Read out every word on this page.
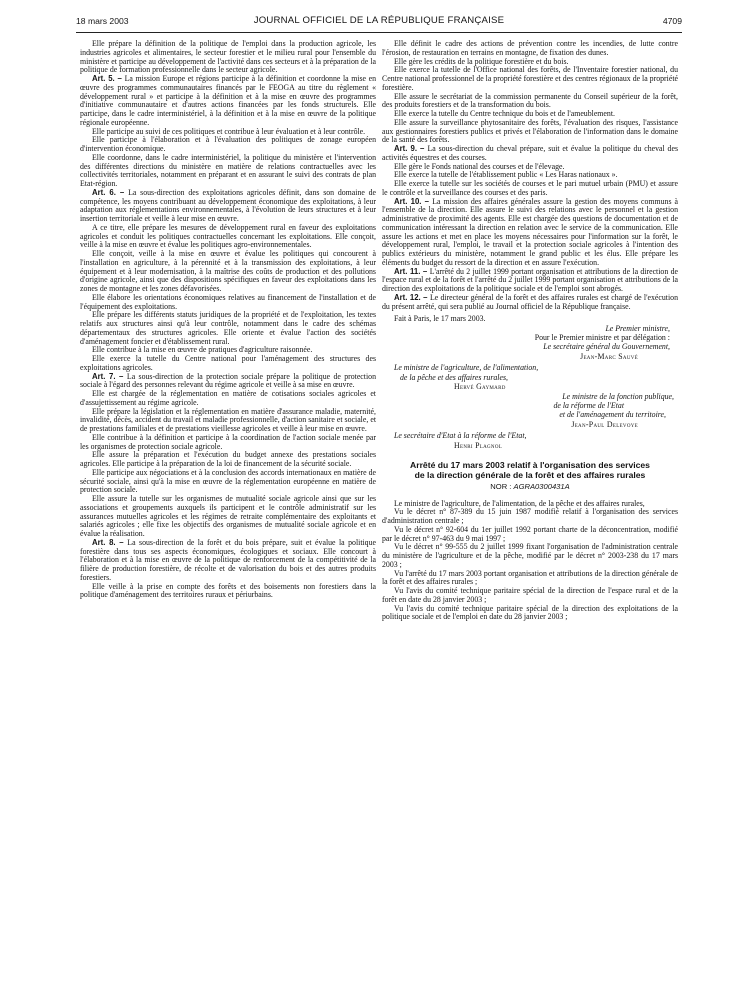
18 mars 2003	JOURNAL OFFICIEL DE LA RÉPUBLIQUE FRANÇAISE	4709

Elle prépare la définition de la politique de l'emploi dans la production agricole, les industries agricoles et alimentaires, le secteur forestier et le milieu rural pour l'ensemble du ministère et participe au développement de l'activité dans ces secteurs et à la préparation de la politique de formation professionnelle dans le secteur agricole.

Art. 5. – La mission Europe et régions participe à la définition et coordonne la mise en œuvre des programmes communautaires financés par le FEOGA au titre du règlement « développement rural » et participe à la définition et à la mise en œuvre des programmes d'initiative communautaire et d'autres actions financées par les fonds structurels. Elle participe, dans le cadre interministériel, à la définition et à la mise en œuvre de la politique régionale européenne.

Elle participe au suivi de ces politiques et contribue à leur évaluation et à leur contrôle.

Elle participe à l'élaboration et à l'évaluation des politiques de zonage européen d'intervention économique.

Elle coordonne, dans le cadre interministériel, la politique du ministère et l'intervention des différentes directions du ministère en matière de relations contractuelles avec les collectivités territoriales, notamment en préparant et en assurant le suivi des contrats de plan Etat-région.

Art. 6. – La sous-direction des exploitations agricoles définit, dans son domaine de compétence, les moyens contribuant au développement économique des exploitations, à leur adaptation aux réglementations environnementales, à l'évolution de leurs structures et à leur insertion territoriale et veille à leur mise en œuvre.

A ce titre, elle prépare les mesures de développement rural en faveur des exploitations agricoles et conduit les politiques contractuelles concernant les exploitations. Elle conçoit, veille à la mise en œuvre et évalue les politiques agro-environnementales.

Elle conçoit, veille à la mise en œuvre et évalue les politiques qui concourent à l'installation en agriculture, à la pérennité et à la transmission des exploitations, à leur équipement et à leur modernisation, à la maîtrise des coûts de production et des pollutions d'origine agricole, ainsi que des dispositions spécifiques en faveur des exploitations dans les zones de montagne et les zones défavorisées.

Elle élabore les orientations économiques relatives au financement de l'installation et de l'équipement des exploitations.

Elle prépare les différents statuts juridiques de la propriété et de l'exploitation, les textes relatifs aux structures ainsi qu'à leur contrôle, notamment dans le cadre des schémas départementaux des structures agricoles. Elle oriente et évalue l'action des sociétés d'aménagement foncier et d'établissement rural.

Elle contribue à la mise en œuvre de pratiques d'agriculture raisonnée.

Elle exerce la tutelle du Centre national pour l'aménagement des structures des exploitations agricoles.

Art. 7. – La sous-direction de la protection sociale prépare la politique de protection sociale à l'égard des personnes relevant du régime agricole et veille à sa mise en œuvre.

Elle est chargée de la réglementation en matière de cotisations sociales agricoles et d'assujettissement au régime agricole.

Elle prépare la législation et la réglementation en matière d'assurance maladie, maternité, invalidité, décès, accident du travail et maladie professionnelle, d'action sanitaire et sociale, et de prestations familiales et de prestations vieillesse agricoles et veille à leur mise en œuvre.

Elle contribue à la définition et participe à la coordination de l'action sociale menée par les organismes de protection sociale agricole.

Elle assure la préparation et l'exécution du budget annexe des prestations sociales agricoles. Elle participe à la préparation de la loi de financement de la sécurité sociale.

Elle participe aux négociations et à la conclusion des accords internationaux en matière de sécurité sociale, ainsi qu'à la mise en œuvre de la réglementation européenne en matière de protection sociale.

Elle assure la tutelle sur les organismes de mutualité sociale agricole ainsi que sur les associations et groupements auxquels ils participent et le contrôle administratif sur les assurances mutuelles agricoles et les régimes de retraite complémentaire des exploitants et salariés agricoles ; elle fixe les objectifs des organismes de mutualité sociale agricole et en évalue la réalisation.

Art. 8. – La sous-direction de la forêt et du bois prépare, suit et évalue la politique forestière dans tous ses aspects économiques, écologiques et sociaux. Elle concourt à l'élaboration et à la mise en œuvre de la politique de renforcement de la compétitivité de la filière de production forestière, de récolte et de valorisation du bois et des autres produits forestiers.

Elle veille à la prise en compte des forêts et des boisements non forestiers dans la politique d'aménagement des territoires ruraux et périurbains.

Elle définit le cadre des actions de prévention contre les incendies, de lutte contre l'érosion, de restauration en terrains en montagne, de fixation des dunes.

Elle gère les crédits de la politique forestière et du bois.

Elle exerce la tutelle de l'Office national des forêts, de l'Inventaire forestier national, du Centre national professionnel de la propriété forestière et des centres régionaux de la propriété forestière.

Elle assure le secrétariat de la commission permanente du Conseil supérieur de la forêt, des produits forestiers et de la transformation du bois.

Elle exerce la tutelle du Centre technique du bois et de l'ameublement.

Elle assure la surveillance phytosanitaire des forêts, l'évaluation des risques, l'assistance aux gestionnaires forestiers publics et privés et l'élaboration de l'information dans le domaine de la santé des forêts.

Art. 9. – La sous-direction du cheval prépare, suit et évalue la politique du cheval des activités équestres et des courses.

Elle gère le Fonds national des courses et de l'élevage.

Elle exerce la tutelle de l'établissement public « Les Haras nationaux ».

Elle exerce la tutelle sur les sociétés de courses et le pari mutuel urbain (PMU) et assure le contrôle et la surveillance des courses et des paris.

Art. 10. – La mission des affaires générales assure la gestion des moyens communs à l'ensemble de la direction. Elle assure le suivi des relations avec le personnel et la gestion administrative de proximité des agents. Elle est chargée des questions de documentation et de communication intéressant la direction en relation avec le service de la communication. Elle assure les actions et met en place les moyens nécessaires pour l'information sur la forêt, le développement rural, l'emploi, le travail et la protection sociale agricoles à l'intention des publics extérieurs du ministère, notamment le grand public et les élus. Elle prépare les éléments du budget du ressort de la direction et en assure l'exécution.

Art. 11. – L'arrêté du 2 juillet 1999 portant organisation et attributions de la direction de l'espace rural et de la forêt et l'arrêté du 2 juillet 1999 portant organisation et attributions de la direction des exploitations de la politique sociale et de l'emploi sont abrogés.

Art. 12. – Le directeur général de la forêt et des affaires rurales est chargé de l'exécution du présent arrêté, qui sera publié au Journal officiel de la République française.

Fait à Paris, le 17 mars 2003.

Le Premier ministre,

Pour le Premier ministre et par délégation :

Le secrétaire général du Gouvernement,

Jean-Marc Sauvé

Le ministre de l'agriculture, de l'alimentation,

de la pêche et des affaires rurales,

Hervé Gaymard

Le ministre de la fonction publique,

de la réforme de l'Etat

et de l'aménagement du territoire,

Jean-Paul Delevoye

Le secrétaire d'Etat à la réforme de l'Etat,

Henri Plagnol

Arrêté du 17 mars 2003 relatif à l'organisation des services de la direction générale de la forêt et des affaires rurales
NOR : AGRA0300431A

Le ministre de l'agriculture, de l'alimentation, de la pêche et des affaires rurales,

Vu le décret n° 87-389 du 15 juin 1987 modifié relatif à l'organisation des services d'administration centrale ;

Vu le décret n° 92-604 du 1er juillet 1992 portant charte de la déconcentration, modifié par le décret n° 97-463 du 9 mai 1997 ;

Vu le décret n° 99-555 du 2 juillet 1999 fixant l'organisation de l'administration centrale du ministère de l'agriculture et de la pêche, modifié par le décret n° 2003-238 du 17 mars 2003 ;

Vu l'arrêté du 17 mars 2003 portant organisation et attributions de la direction générale de la forêt et des affaires rurales ;

Vu l'avis du comité technique paritaire spécial de la direction de l'espace rural et de la forêt en date du 28 janvier 2003 ;

Vu l'avis du comité technique paritaire spécial de la direction des exploitations de la politique sociale et de l'emploi en date du 28 janvier 2003 ;
